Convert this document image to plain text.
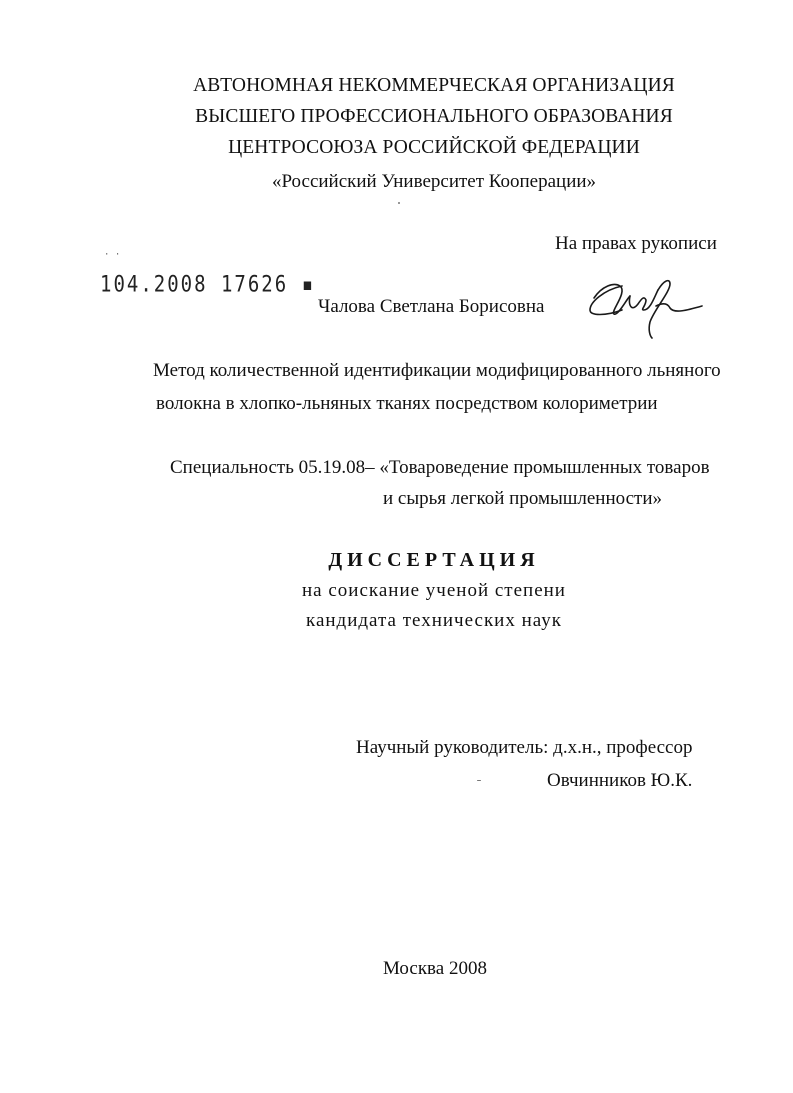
АВТОНОМНАЯ НЕКОММЕРЧЕСКАЯ ОРГАНИЗАЦИЯ
ВЫСШЕГО ПРОФЕССИОНАЛЬНОГО ОБРАЗОВАНИЯ
ЦЕНТРОСОЮЗА РОССИЙСКОЙ ФЕДЕРАЦИИ
«Российский Университет Кооперации»
На правах рукописи
· ·
104.2008 17626 ▪
Чалова Светлана Борисовна
Метод количественной идентификации модифицированного льняного
волокна в хлопко-льняных тканях посредством колориметрии
Специальность 05.19.08– «Товароведение промышленных товаров
и сырья легкой промышленности»
ДИССЕРТАЦИЯ
на соискание ученой степени
кандидата технических наук
Научный руководитель: д.х.н., профессор
Овчинников Ю.К.
Москва 2008
